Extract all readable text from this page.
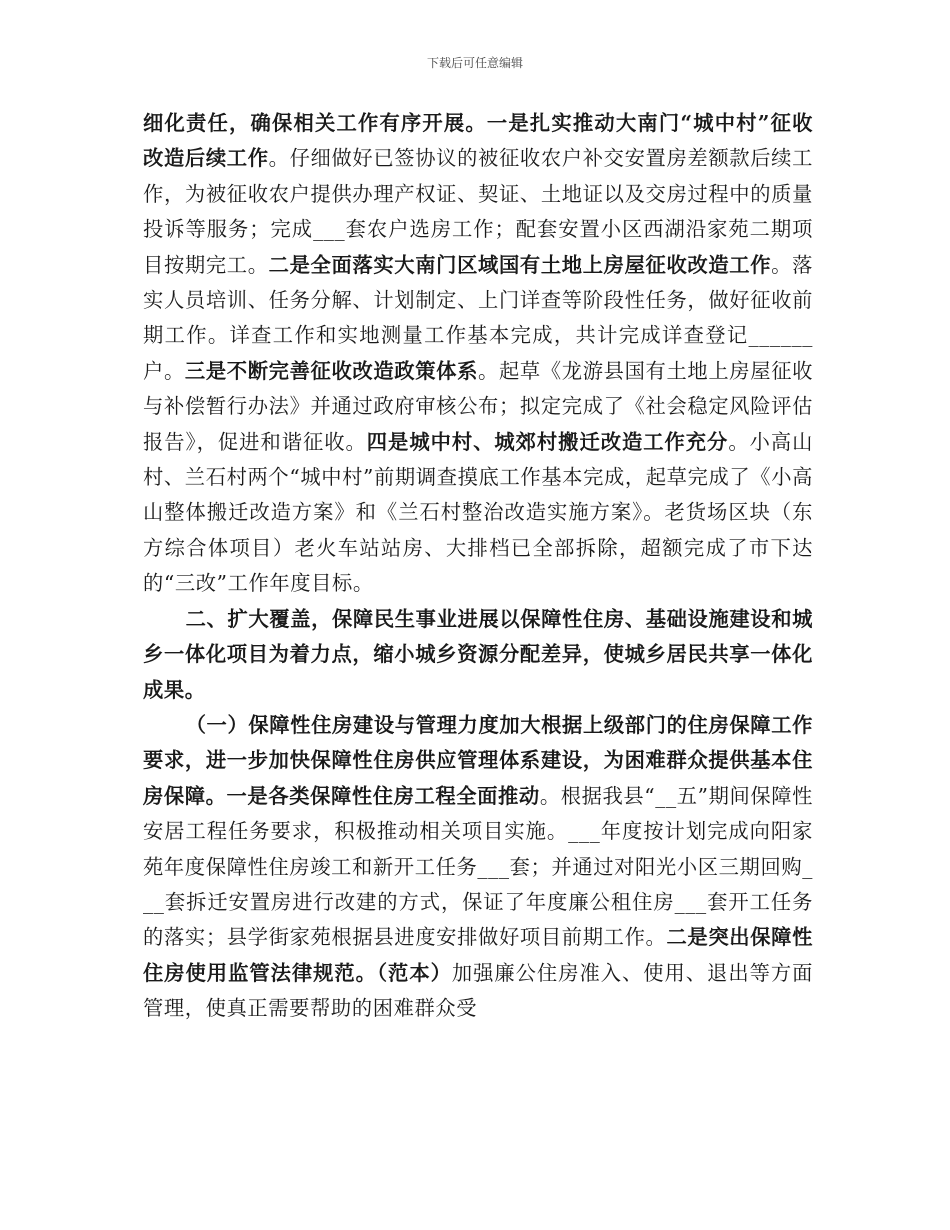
下载后可任意编辑

细化责任，确保相关工作有序开展。一是扎实推动大南门“城中村”征收改造后续工作。仔细做好已签协议的被征收农户补交安置房差额款后续工作，为被征收农户提供办理产权证、契证、土地证以及交房过程中的质量投诉等服务；完成___套农户选房工作；配套安置小区西湖沿家苑二期项目按期完工。二是全面落实大南门区域国有土地上房屋征收改造工作。落实人员培训、任务分解、计划制定、上门详查等阶段性任务，做好征收前期工作。详查工作和实地测量工作基本完成，共计完成详查登记______户。三是不断完善征收改造政策体系。起草《龙游县国有土地上房屋征收与补偿暂行办法》并通过政府审核公布；拟定完成了《社会稳定风险评估报告》，促进和谐征收。四是城中村、城郊村搬迁改造工作充分。小高山村、兰石村两个“城中村”前期调查摸底工作基本完成，起草完成了《小高山整体搬迁改造方案》和《兰石村整治改造实施方案》。老货场区块（东方综合体项目）老火车站站房、大排档已全部拆除，超额完成了市下达的“三改”工作年度目标。

二、扩大覆盖，保障民生事业进展以保障性住房、基础设施建设和城乡一体化项目为着力点，缩小城乡资源分配差异，使城乡居民共享一体化成果。

（一）保障性住房建设与管理力度加大根据上级部门的住房保障工作要求，进一步加快保障性住房供应管理体系建设，为困难群众提供基本住房保障。一是各类保障性住房工程全面推动。根据我县“__五”期间保障性安居工程任务要求，积极推动相关项目实施。___年度按计划完成向阳家苑年度保障性住房竣工和新开工任务___套；并通过对阳光小区三期回购___套拆迁安置房进行改建的方式，保证了年度廉公租住房___套开工任务的落实；县学街家苑根据县进度安排做好项目前期工作。二是突出保障性住房使用监管法律规范。（范本）加强廉公住房准入、使用、退出等方面管理，使真正需要帮助的困难群众受
